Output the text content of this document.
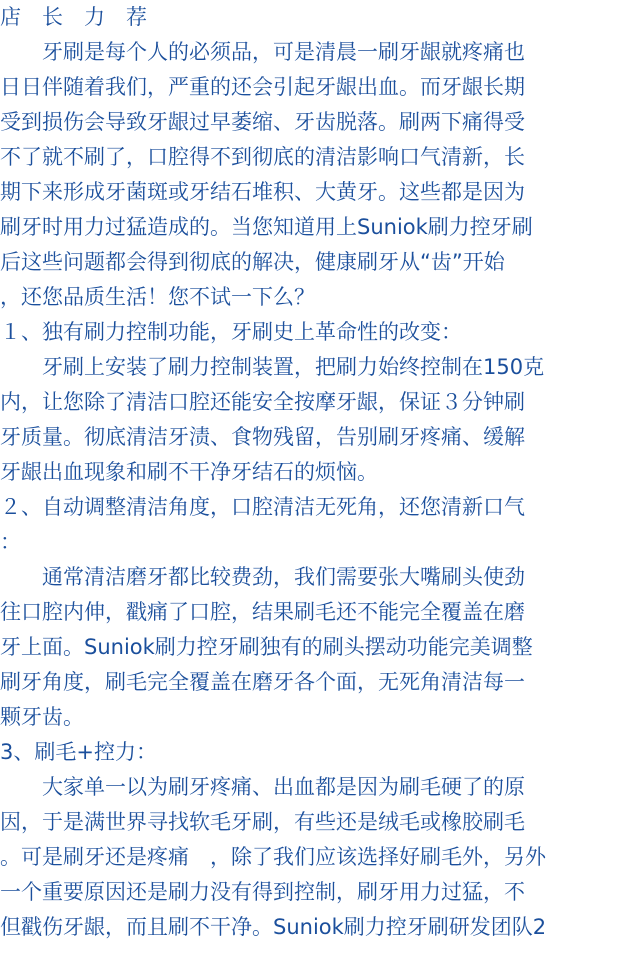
店　长　力　荐
　　牙刷是每个人的必须品，可是清晨一刷牙龈就疼痛也
日日伴随着我们，严重的还会引起牙龈出血。而牙龈长期
受到损伤会导致牙龈过早萎缩、牙齿脱落。刷两下痛得受
不了就不刷了，口腔得不到彻底的清洁影响口气清新，长
期下来形成牙菌斑或牙结石堆积、大黄牙。这些都是因为
刷牙时用力过猛造成的。当您知道用上Suniok刷力控牙刷
后这些问题都会得到彻底的解决，健康刷牙从“齿”开始
，还您品质生活！您不试一下么？
１、独有刷力控制功能，牙刷史上革命性的改变：
　　牙刷上安装了刷力控制装置，把刷力始终控制在150克
内，让您除了清洁口腔还能安全按摩牙龈，保证３分钟刷
牙质量。彻底清洁牙渍、食物残留，告别刷牙疼痛、缓解
牙龈出血现象和刷不干净牙结石的烦恼。
２、自动调整清洁角度，口腔清洁无死角，还您清新口气
：
　　通常清洁磨牙都比较费劲，我们需要张大嘴刷头使劲
往口腔内伸，戳痛了口腔，结果刷毛还不能完全覆盖在磨
牙上面。Suniok刷力控牙刷独有的刷头摆动功能完美调整
刷牙角度，刷毛完全覆盖在磨牙各个面，无死角清洁每一
颗牙齿。
3、刷毛+控力：
　　大家单一以为刷牙疼痛、出血都是因为刷毛硬了的原
因，于是满世界寻找软毛牙刷，有些还是绒毛或橡胶刷毛
。可是刷牙还是疼痛　，除了我们应该选择好刷毛外，另外
一个重要原因还是刷力没有得到控制，刷牙用力过猛，不
但戳伤牙龈，而且刷不干净。Suniok刷力控牙刷研发团队2
